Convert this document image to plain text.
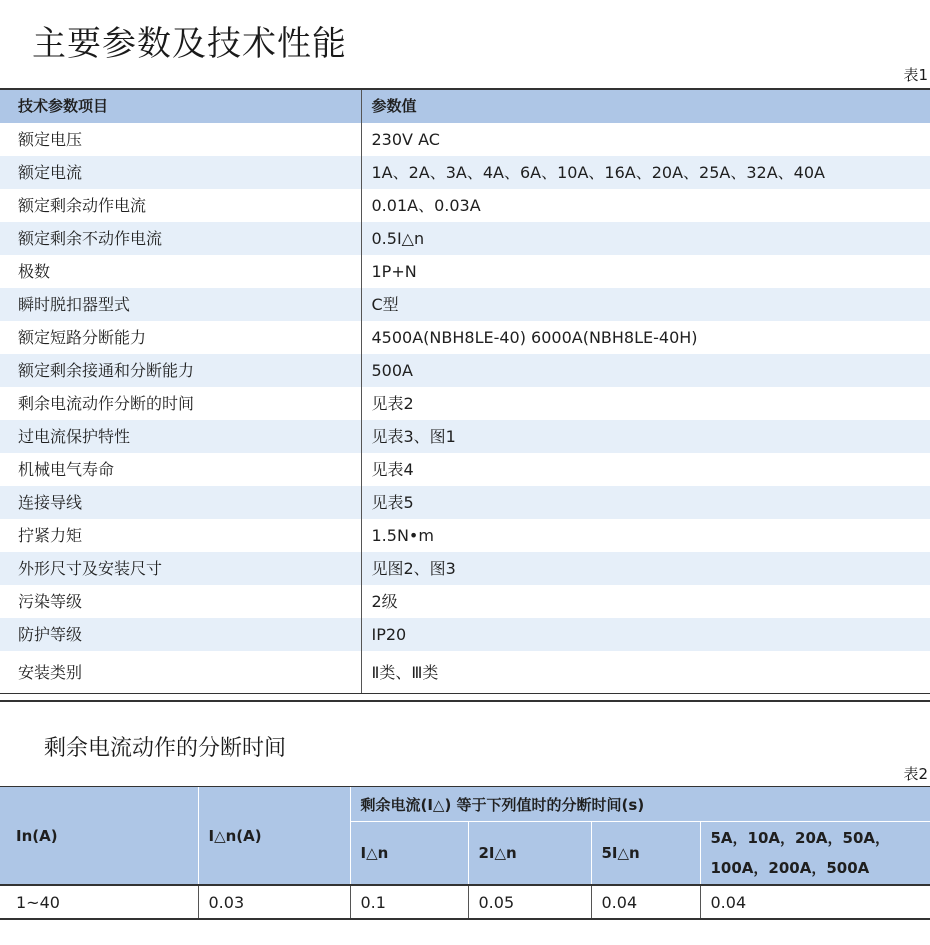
主要参数及技术性能
表1
技术参数项目	参数值
额定电压	230V AC
额定电流	1A、2A、3A、4A、6A、10A、16A、20A、25A、32A、40A
额定剩余动作电流	0.01A、0.03A
额定剩余不动作电流	0.5I△n
极数	1P+N
瞬时脱扣器型式	C型
额定短路分断能力	4500A(NBH8LE-40) 6000A(NBH8LE-40H)
额定剩余接通和分断能力	500A
剩余电流动作分断的时间	见表2
过电流保护特性	见表3、图1
机械电气寿命	见表4
连接导线	见表5
拧紧力矩	1.5N•m
外形尺寸及安装尺寸	见图2、图3
污染等级	2级
防护等级	IP20
安装类别	Ⅱ类、Ⅲ类
剩余电流动作的分断时间
表2
In(A)	I△n(A)	剩余电流(I△) 等于下列值时的分断时间(s)			
		I△n	2I△n	5I△n	5A，10A，20A，50A，
100A，200A，500A

1~40	0.03	0.1	0.05	0.04	0.04
